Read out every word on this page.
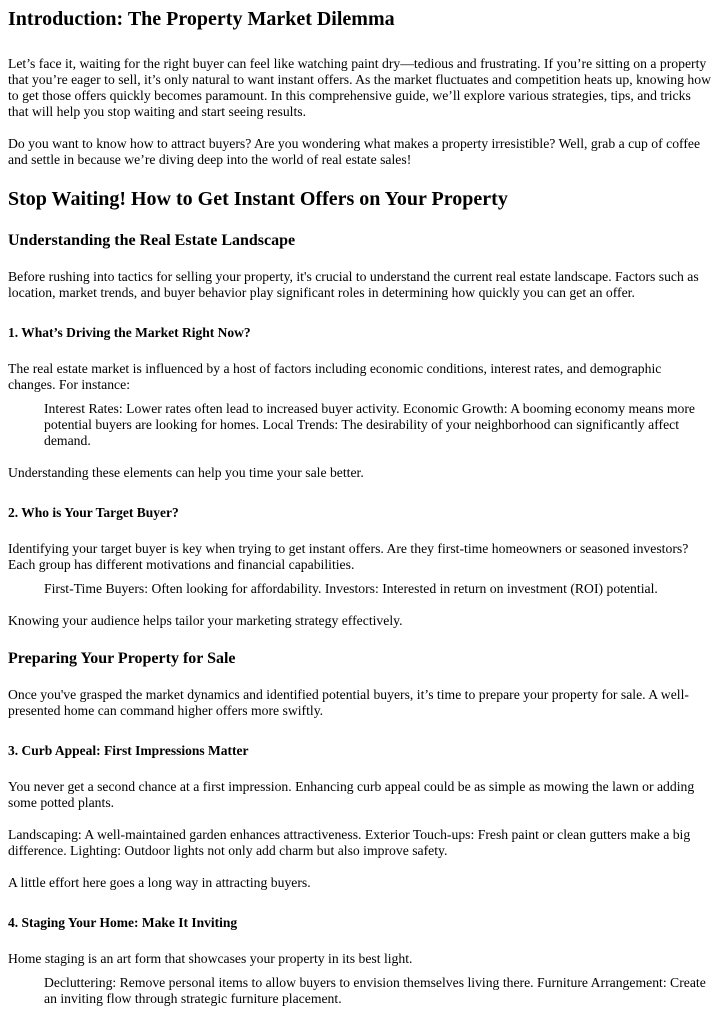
Introduction: The Property Market Dilemma

Let’s face it, waiting for the right buyer can feel like watching paint dry—tedious and frustrating. If you’re sitting on a property that you’re eager to sell, it’s only natural to want instant offers. As the market fluctuates and competition heats up, knowing how to get those offers quickly becomes paramount. In this comprehensive guide, we’ll explore various strategies, tips, and tricks that will help you stop waiting and start seeing results.

Do you want to know how to attract buyers? Are you wondering what makes a property irresistible? Well, grab a cup of coffee and settle in because we’re diving deep into the world of real estate sales!

Stop Waiting! How to Get Instant Offers on Your Property
Understanding the Real Estate Landscape

Before rushing into tactics for selling your property, it's crucial to understand the current real estate landscape. Factors such as location, market trends, and buyer behavior play significant roles in determining how quickly you can get an offer.

1. What’s Driving the Market Right Now?

The real estate market is influenced by a host of factors including economic conditions, interest rates, and demographic changes. For instance:

Interest Rates: Lower rates often lead to increased buyer activity. Economic Growth: A booming economy means more potential buyers are looking for homes. Local Trends: The desirability of your neighborhood can significantly affect demand.

Understanding these elements can help you time your sale better.

2. Who is Your Target Buyer?

Identifying your target buyer is key when trying to get instant offers. Are they first-time homeowners or seasoned investors? Each group has different motivations and financial capabilities.

First-Time Buyers: Often looking for affordability. Investors: Interested in return on investment (ROI) potential.

Knowing your audience helps tailor your marketing strategy effectively.

Preparing Your Property for Sale

Once you've grasped the market dynamics and identified potential buyers, it’s time to prepare your property for sale. A well-presented home can command higher offers more swiftly.

3. Curb Appeal: First Impressions Matter

You never get a second chance at a first impression. Enhancing curb appeal could be as simple as mowing the lawn or adding some potted plants.

Landscaping: A well-maintained garden enhances attractiveness. Exterior Touch-ups: Fresh paint or clean gutters make a big difference. Lighting: Outdoor lights not only add charm but also improve safety.

A little effort here goes a long way in attracting buyers.

4. Staging Your Home: Make It Inviting

Home staging is an art form that showcases your property in its best light.

Decluttering: Remove personal items to allow buyers to envision themselves living there. Furniture Arrangement: Create an inviting flow through strategic furniture placement.
